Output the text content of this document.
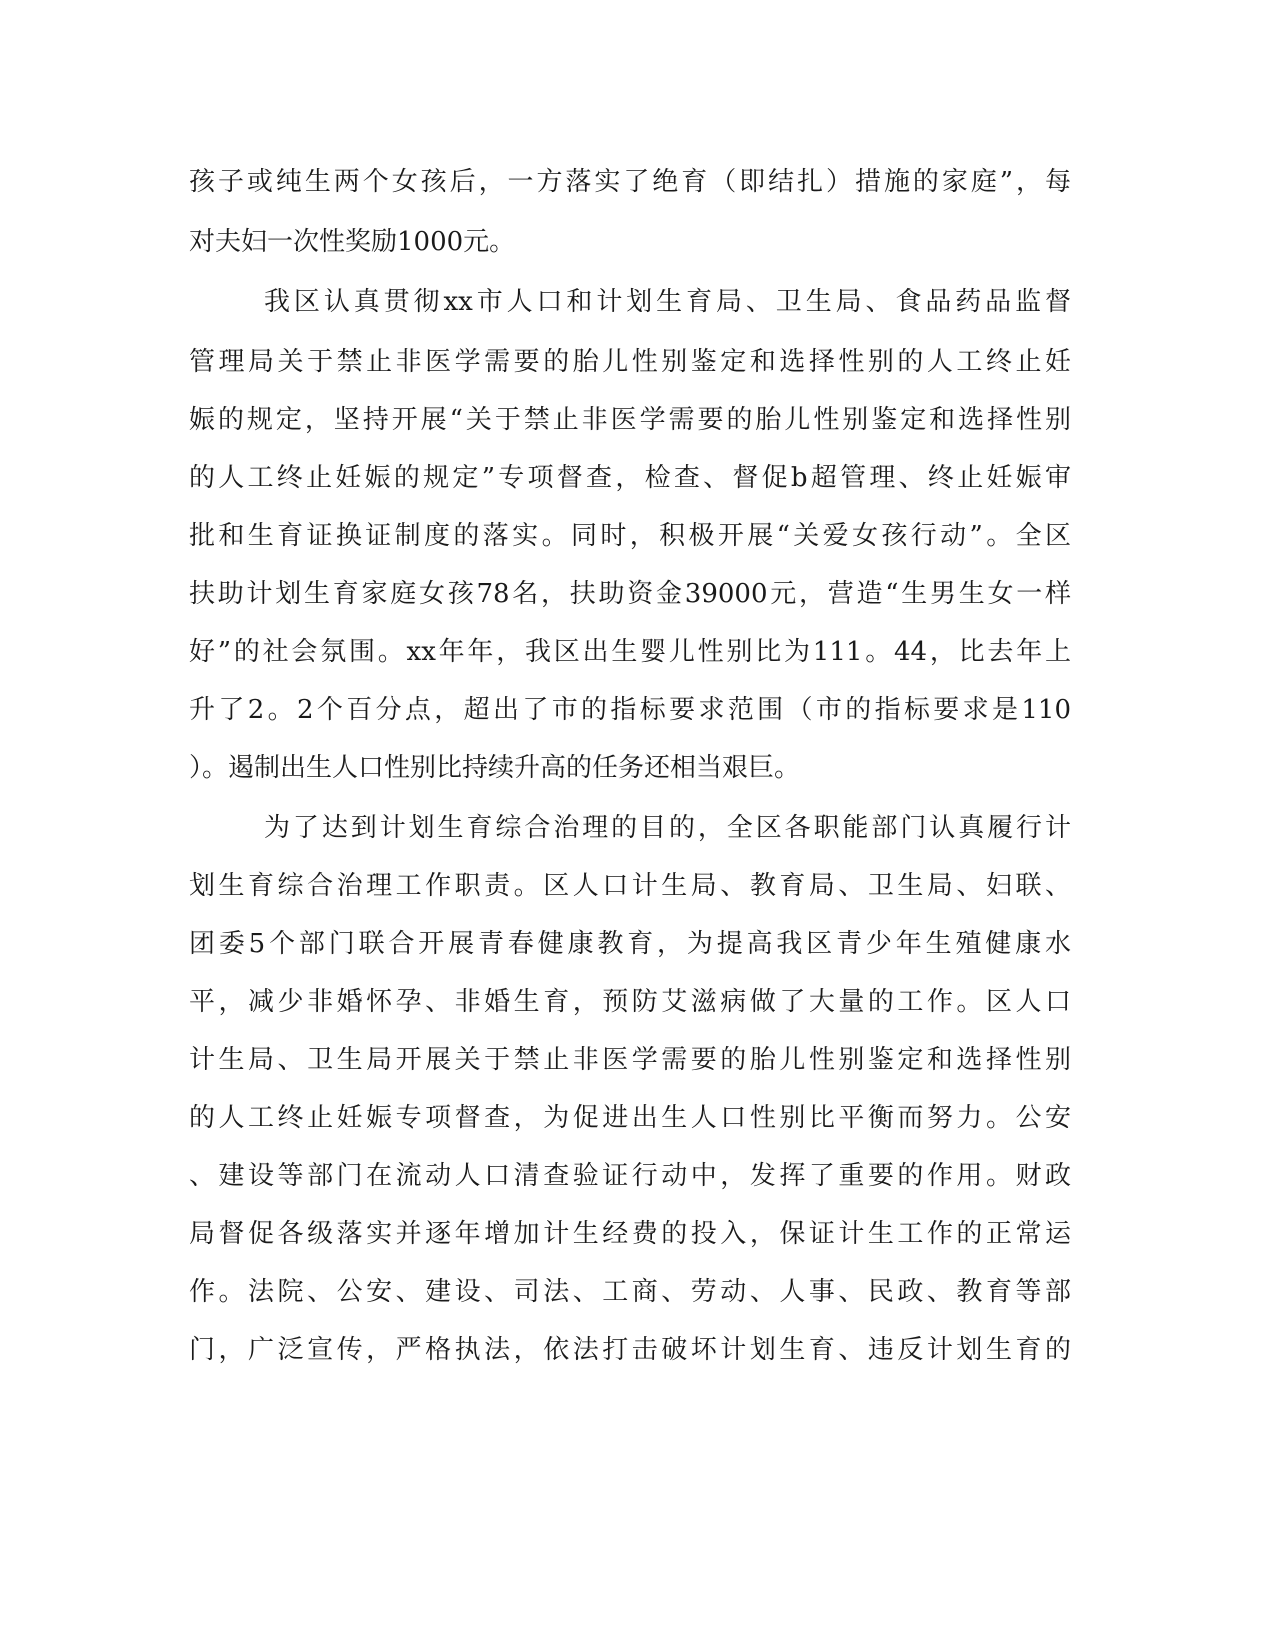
孩子或纯生两个女孩后，一方落实了绝育（即结扎）措施的家庭”，每
对夫妇一次性奖励1000元。
我区认真贯彻xx市人口和计划生育局、卫生局、食品药品监督
管理局关于禁止非医学需要的胎儿性别鉴定和选择性别的人工终止妊
娠的规定，坚持开展“关于禁止非医学需要的胎儿性别鉴定和选择性别
的人工终止妊娠的规定”专项督查，检查、督促b超管理、终止妊娠审
批和生育证换证制度的落实。同时，积极开展“关爱女孩行动”。全区
扶助计划生育家庭女孩78名，扶助资金39000元，营造“生男生女一样
好”的社会氛围。xx年年，我区出生婴儿性别比为111。44，比去年上
升了2。2个百分点，超出了市的指标要求范围（市的指标要求是110
）。遏制出生人口性别比持续升高的任务还相当艰巨。
为了达到计划生育综合治理的目的，全区各职能部门认真履行计
划生育综合治理工作职责。区人口计生局、教育局、卫生局、妇联、
团委5个部门联合开展青春健康教育，为提高我区青少年生殖健康水
平，减少非婚怀孕、非婚生育，预防艾滋病做了大量的工作。区人口
计生局、卫生局开展关于禁止非医学需要的胎儿性别鉴定和选择性别
的人工终止妊娠专项督查，为促进出生人口性别比平衡而努力。公安
、建设等部门在流动人口清查验证行动中，发挥了重要的作用。财政
局督促各级落实并逐年增加计生经费的投入，保证计生工作的正常运
作。法院、公安、建设、司法、工商、劳动、人事、民政、教育等部
门，广泛宣传，严格执法，依法打击破坏计划生育、违反计划生育的
